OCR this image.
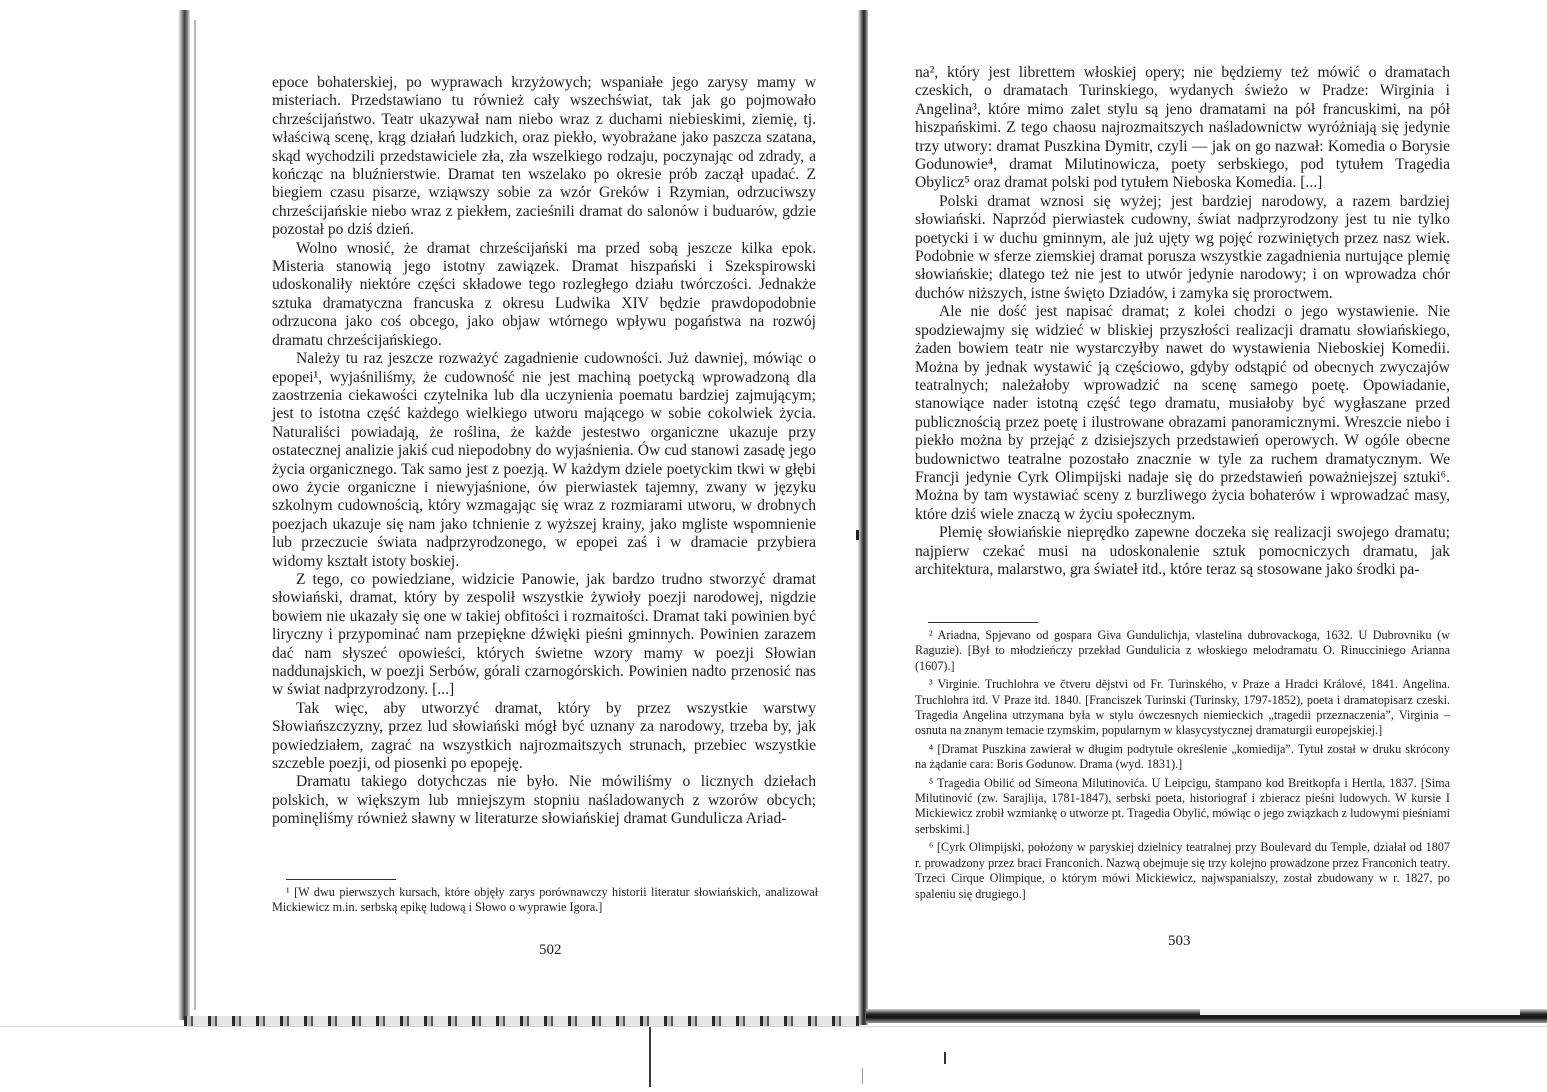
epoce bohaterskiej, po wyprawach krzyżowych; wspaniałe jego zarysy mamy w misteriach. Przedstawiano tu również cały wszechświat, tak jak go pojmowało chrześcijaństwo. Teatr ukazywał nam niebo wraz z duchami niebieskimi, ziemię, tj. właściwą scenę, krąg działań ludzkich, oraz piekło, wyobrażane jako paszcza szatana, skąd wychodzili przedstawiciele zła, zła wszelkiego rodzaju, poczynając od zdrady, a kończąc na bluźnierstwie. Dramat ten wszelako po okresie prób zaczął upadać. Z biegiem czasu pisarze, wziąwszy sobie za wzór Greków i Rzymian, odrzuciwszy chrześcijańskie niebo wraz z piekłem, zacieśnili dramat do salonów i buduarów, gdzie pozostał po dziś dzień.

Wolno wnosić, że dramat chrześcijański ma przed sobą jeszcze kilka epok. Misteria stanowią jego istotny zawiązek. Dramat hiszpański i Szekspirowski udoskonaliły niektóre części składowe tego rozległego działu twórczości. Jednakże sztuka dramatyczna francuska z okresu Ludwika XIV będzie prawdopodobnie odrzucona jako coś obcego, jako objaw wtórnego wpływu pogaństwa na rozwój dramatu chrześcijańskiego.

Należy tu raz jeszcze rozważyć zagadnienie cudowności. Już dawniej, mówiąc o epopei¹, wyjaśniliśmy, że cudowność nie jest machiną poetycką wprowadzoną dla zaostrzenia ciekawości czytelnika lub dla uczynienia poematu bardziej zajmującym; jest to istotna część każdego wielkiego utworu mającego w sobie cokolwiek życia. Naturaliści powiadają, że roślina, że każde jestestwo organiczne ukazuje przy ostatecznej analizie jakiś cud niepodobny do wyjaśnienia. Ów cud stanowi zasadę jego życia organicznego. Tak samo jest z poezją. W każdym dziele poetyckim tkwi w głębi owo życie organiczne i niewyjaśnione, ów pierwiastek tajemny, zwany w języku szkolnym cudownością, który wzmagając się wraz z rozmiarami utworu, w drobnych poezjach ukazuje się nam jako tchnienie z wyższej krainy, jako mgliste wspomnienie lub przeczucie świata nadprzyrodzonego, w epopei zaś i w dramacie przybiera widomy kształt istoty boskiej.

Z tego, co powiedziane, widzicie Panowie, jak bardzo trudno stworzyć dramat słowiański, dramat, który by zespolił wszystkie żywioły poezji narodowej, nigdzie bowiem nie ukazały się one w takiej obfitości i rozmaitości. Dramat taki powinien być liryczny i przypominać nam przepiękne dźwięki pieśni gminnych. Powinien zarazem dać nam słyszeć opowieści, których świetne wzory mamy w poezji Słowian naddunajskich, w poezji Serbów, górali czarnogórskich. Powinien nadto przenosić nas w świat nadprzyrodzony. [...]

Tak więc, aby utworzyć dramat, który by przez wszystkie warstwy Słowiańszczyzny, przez lud słowiański mógł być uznany za narodowy, trzeba by, jak powiedziałem, zagrać na wszystkich najrozmaitszych strunach, przebiec wszystkie szczeble poezji, od piosenki po epopeję.

Dramatu takiego dotychczas nie było. Nie mówiliśmy o licznych dziełach polskich, w większym lub mniejszym stopniu naśladowanych z wzorów obcych; pominęliśmy również sławny w literaturze słowiańskiej dramat Gundulicza Ariad-

¹ [W dwu pierwszych kursach, które objęły zarys porównawczy historii literatur słowiańskich, analizował Mickiewicz m.in. serbską epikę ludową i Słowo o wyprawie Igora.]

502

na², który jest librettem włoskiej opery; nie będziemy też mówić o dramatach czeskich, o dramatach Turinskiego, wydanych świeżo w Pradze: Wirginia i Angelina³, które mimo zalet stylu są jeno dramatami na pół francuskimi, na pół hiszpańskimi. Z tego chaosu najrozmaitszych naśladownictw wyróżniają się jedynie trzy utwory: dramat Puszkina Dymitr, czyli — jak on go nazwał: Komedia o Borysie Godunowie⁴, dramat Milutinowicza, poety serbskiego, pod tytułem Tragedia Obylicz⁵ oraz dramat polski pod tytułem Nieboska Komedia. [...]

Polski dramat wznosi się wyżej; jest bardziej narodowy, a razem bardziej słowiański. Naprzód pierwiastek cudowny, świat nadprzyrodzony jest tu nie tylko poetycki i w duchu gminnym, ale już ujęty wg pojęć rozwiniętych przez nasz wiek. Podobnie w sferze ziemskiej dramat porusza wszystkie zagadnienia nurtujące plemię słowiańskie; dlatego też nie jest to utwór jedynie narodowy; i on wprowadza chór duchów niższych, istne święto Dziadów, i zamyka się proroctwem.

Ale nie dość jest napisać dramat; z kolei chodzi o jego wystawienie. Nie spodziewajmy się widzieć w bliskiej przyszłości realizacji dramatu słowiańskiego, żaden bowiem teatr nie wystarczyłby nawet do wystawienia Nieboskiej Komedii. Można by jednak wystawić ją częściowo, gdyby odstąpić od obecnych zwyczajów teatralnych; należałoby wprowadzić na scenę samego poetę. Opowiadanie, stanowiące nader istotną część tego dramatu, musiałoby być wygłaszane przed publicznością przez poetę i ilustrowane obrazami panoramicznymi. Wreszcie niebo i piekło można by przejąć z dzisiejszych przedstawień operowych. W ogóle obecne budownictwo teatralne pozostało znacznie w tyle za ruchem dramatycznym. We Francji jedynie Cyrk Olimpijski nadaje się do przedstawień poważniejszej sztuki⁶. Można by tam wystawiać sceny z burzliwego życia bohaterów i wprowadzać masy, które dziś wiele znaczą w życiu społecznym.

Plemię słowiańskie nieprędko zapewne doczeka się realizacji swojego dramatu; najpierw czekać musi na udoskonalenie sztuk pomocniczych dramatu, jak architektura, malarstwo, gra świateł itd., które teraz są stosowane jako środki pa-

² Ariadna, Spjevano od gospara Giva Gundulichja, vlastelina dubrovackoga, 1632. U Dubrovniku (w Raguzie). [Był to młodzieńczy przekład Gundulicia z włoskiego melodramatu O. Rinucciniego Arianna (1607).]

³ Virginie. Truchlohra ve čtveru dějstvi od Fr. Turinského, v Praze a Hradci Králové, 1841. Angelina. Truchlohra itd. V Praze itd. 1840. [Franciszek Turinski (Turinsky, 1797-1852), poeta i dramatopisarz czeski. Tragedia Angelina utrzymana była w stylu ówczesnych niemieckich „tragedii przeznaczenia”, Virginia – osnuta na znanym temacie rzymskim, popularnym w klasycystycznej dramaturgii europejskiej.]

⁴ [Dramat Puszkina zawierał w długim podtytule określenie „komiedija”. Tytuł został w druku skrócony na żądanie cara: Boris Godunow. Drama (wyd. 1831).]

⁵ Tragedia Obilić od Simeona Milutinovića. U Leipcigu, štampano kod Breitkopfa i Hertla, 1837. [Sima Milutinović (zw. Sarajlija, 1781-1847), serbski poeta, historiograf i zbieracz pieśni ludowych. W kursie I Mickiewicz zrobił wzmiankę o utworze pt. Tragedia Obylić, mówiąc o jego związkach z ludowymi pieśniami serbskimi.]

⁶ [Cyrk Olimpijski, położony w paryskiej dzielnicy teatralnej przy Boulevard du Temple, działał od 1807 r. prowadzony przez braci Franconich. Nazwą obejmuje się trzy kolejno prowadzone przez Franconich teatry. Trzeci Cirque Olimpique, o którym mówi Mickiewicz, najwspanialszy, został zbudowany w r. 1827, po spaleniu się drugiego.]

503
